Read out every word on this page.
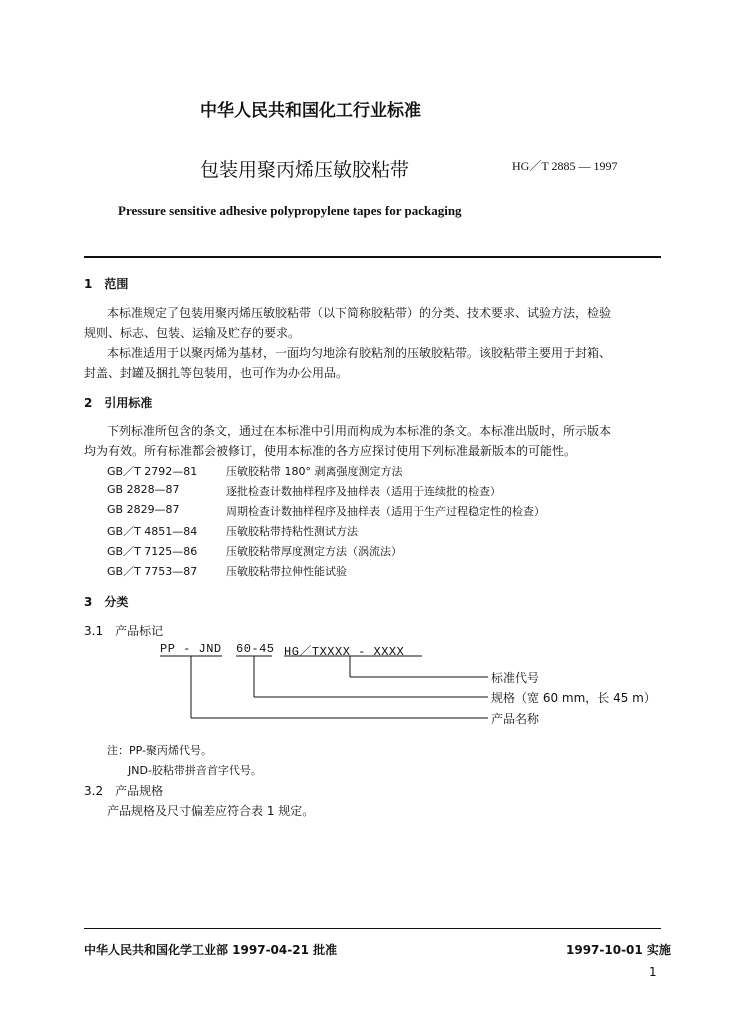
中华人民共和国化工行业标准
包装用聚丙烯压敏胶粘带	HG／T 2885 — 1997
Pressure sensitive adhesive polypropylene tapes for packaging
1　范围
本标准规定了包装用聚丙烯压敏胶粘带（以下简称胶粘带）的分类、技术要求、试验方法，检验
规则、标志、包装、运输及贮存的要求。
本标准适用于以聚丙烯为基材，一面均匀地涂有胶粘剂的压敏胶粘带。该胶粘带主要用于封箱、
封盖、封罐及捆扎等包装用，也可作为办公用品。
2　引用标准
下列标准所包含的条文，通过在本标准中引用而构成为本标准的条文。本标准出版时，所示版本
均为有效。所有标准都会被修订，使用本标准的各方应探讨使用下列标准最新版本的可能性。
GB／T 2792—81	压敏胶粘带 180° 剥离强度测定方法
GB 2828—87	逐批检查计数抽样程序及抽样表（适用于连续批的检查）
GB 2829—87	周期检查计数抽样程序及抽样表（适用于生产过程稳定性的检查）
GB／T 4851—84	压敏胶粘带持粘性测试方法
GB／T 7125—86	压敏胶粘带厚度测定方法（涡流法）
GB／T 7753—87	压敏胶粘带拉伸性能试验
3　分类
3.1　产品标记
PP - JND 60-45 HG／TXXXX - XXXX
标准代号
规格（宽 60 mm，长 45 m）
产品名称
注：PP-聚丙烯代号。
JND-胶粘带拼音首字代号。
3.2　产品规格
产品规格及尺寸偏差应符合表 1 规定。
中华人民共和国化学工业部 1997-04-21 批准	1997-10-01 实施
1
